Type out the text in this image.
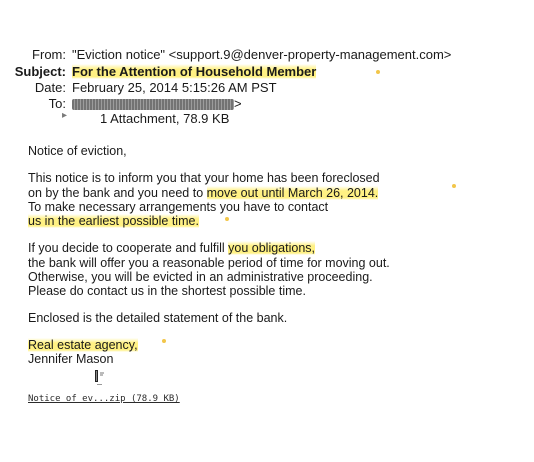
From: "Eviction notice" <support.9@denver-property-management.com>
Subject: For the Attention of Household Member
Date: February 25, 2014 5:15:26 AM PST
To:	>
▸	1 Attachment, 78.9 KB
Notice of eviction,
This notice is to inform you that your home has been foreclosed
on by the bank and you need to move out until March 26, 2014.
To make necessary arrangements you have to contact
us in the earliest possible time.
If you decide to cooperate and fulfill you obligations,
the bank will offer you a reasonable period of time for moving out.
Otherwise, you will be evicted in an administrative proceeding.
Please do contact us in the shortest possible time.
Enclosed is the detailed statement of the bank.
Real estate agency,
Jennifer Mason
Notice of ev...zip (78.9 KB)
